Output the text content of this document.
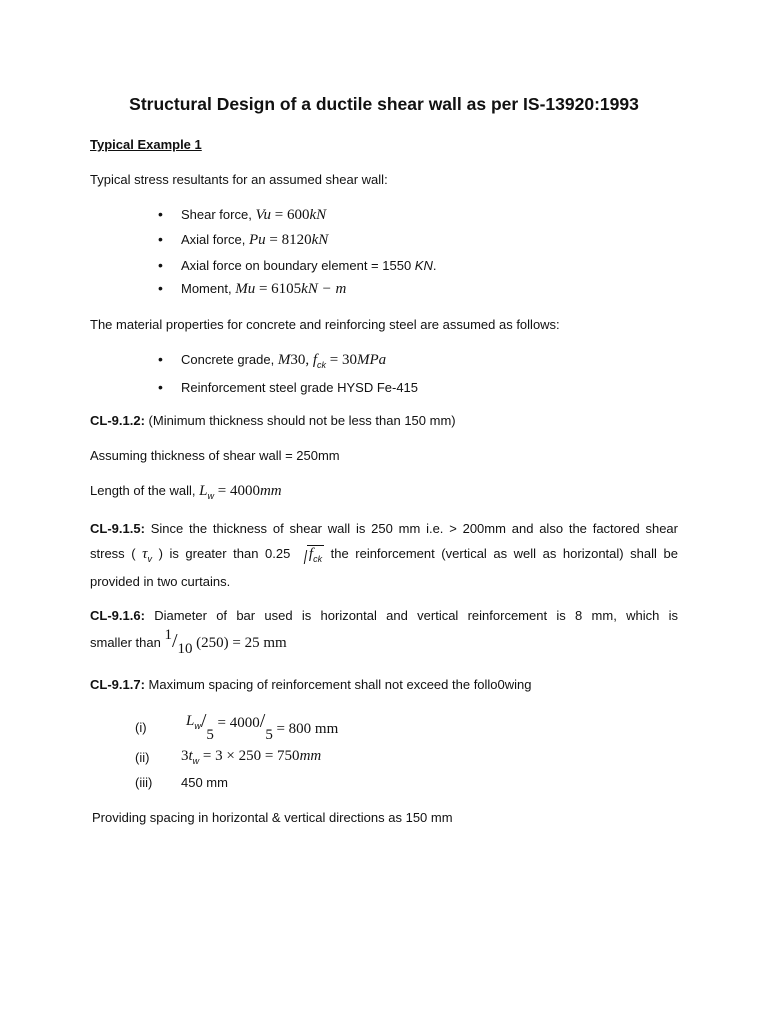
Structural Design of a ductile shear wall as per IS-13920:1993
Typical Example 1
Typical stress resultants for an assumed shear wall:
• Shear force, Vu = 600kN
• Axial force, Pu = 8120kN
• Axial force on boundary element = 1550 KN.
• Moment, Mu = 6105kN − m
The material properties for concrete and reinforcing steel are assumed as follows:
• Concrete grade, M30, $f_{ck} = 30MPa$
• Reinforcement steel grade HYSD Fe-415
CL-9.1.2: (Minimum thickness should not be less than 150 mm)
Assuming thickness of shear wall = 250mm
Length of the wall, $L_w = 4000mm$
CL-9.1.5: Since the thickness of shear wall is 250 mm i.e. > 200mm and also the factored shear
stress ( $\tau_v$ ) is greater than 0.25 $f_{ck}$ the reinforcement (vertical as well as horizontal) shall be
provided in two curtains.
CL-9.1.6: Diameter of bar used is horizontal and vertical reinforcement is 8 mm, which is
smaller than 1/10 (250) = 25 mm
CL-9.1.7: Maximum spacing of reinforcement shall not exceed the follo0wing
(i)	Lw/5 = 4000/5 = 800 mm
(ii) $3t_w = 3 \times 250 = 750mm$
(iii) 450 mm
Providing spacing in horizontal & vertical directions as 150 mm
